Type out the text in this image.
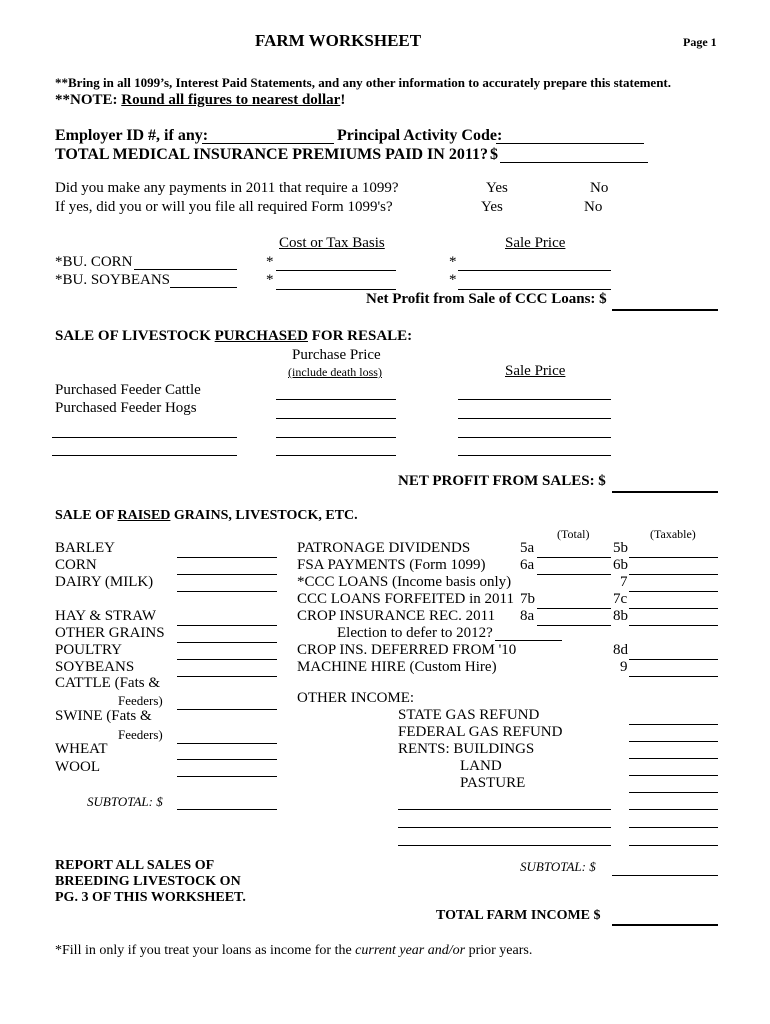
FARM WORKSHEET	Page 1
**Bring in all 1099’s, Interest Paid Statements, and any other information to accurately prepare this statement.
**NOTE: Round all figures to nearest dollar!
Employer ID #, if any:	Principal Activity Code:
TOTAL MEDICAL INSURANCE PREMIUMS PAID IN 2011? $
Did you make any payments in 2011 that require a 1099?	Yes	No
If yes, did you or will you file all required Form 1099's?	Yes	No
Cost or Tax Basis	Sale Price
*BU. CORN	*	*
*BU. SOYBEANS	*	*
Net Profit from Sale of CCC Loans: $
SALE OF LIVESTOCK PURCHASED FOR RESALE:
Purchase Price
(include death loss)	Sale Price
Purchased Feeder Cattle
Purchased Feeder Hogs
NET PROFIT FROM SALES: $
SALE OF RAISED GRAINS, LIVESTOCK, ETC.
(Total)	(Taxable)
BARLEY
CORN
DAIRY (MILK)
HAY & STRAW
OTHER GRAINS
POULTRY
SOYBEANS
CATTLE (Fats &
Feeders)
SWINE (Fats &
Feeders)
WHEAT
WOOL
SUBTOTAL: $
PATRONAGE DIVIDENDS	5a	5b
FSA PAYMENTS (Form 1099) 6a	6b
*CCC LOANS (Income basis only)	7
CCC LOANS FORFEITED in 2011 7b	7c
CROP INSURANCE REC. 2011 8a	8b
Election to defer to 2012?
CROP INS. DEFERRED FROM '10	8d
MACHINE HIRE (Custom Hire)	9
OTHER INCOME:
STATE GAS REFUND
FEDERAL GAS REFUND
RENTS: BUILDINGS
LAND
PASTURE
SUBTOTAL: $
REPORT ALL SALES OF
BREEDING LIVESTOCK ON
PG. 3 OF THIS WORKSHEET.
TOTAL FARM INCOME $
*Fill in only if you treat your loans as income for the current year and/or prior years.
